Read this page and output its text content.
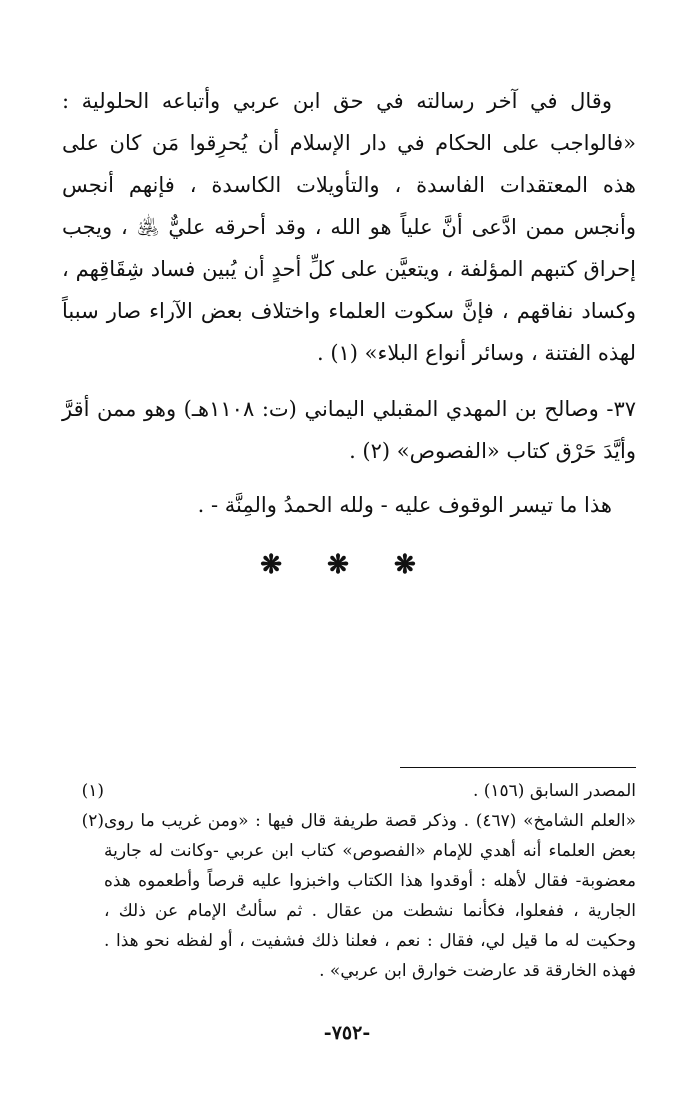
وقال في آخر رسالته في حق ابن عربي وأتباعه الحلولية : «فالواجب على الحكام في دار الإسلام أن يُحرِقوا مَن كان على هذه المعتقدات الفاسدة ، والتأويلات الكاسدة ، فإنهم أنجس وأنجس ممن ادَّعى أنَّ علياً هو الله ، وقد أحرقه عليٌّ ﵁ ، ويجب إحراق كتبهم المؤلفة ، ويتعيَّن على كلِّ أحدٍ أن يُبين فساد شِقَاقِهم ، وكساد نفاقهم ، فإنَّ سكوت العلماء واختلاف بعض الآراء صار سبباً لهذه الفتنة ، وسائر أنواع البلاء» (١) .

٣٧- وصالح بن المهدي المقبلي اليماني (ت: ١١٠٨هـ) وهو ممن أقرَّ وأيَّدَ حَرْق كتاب «الفصوص» (٢) .

هذا ما تيسر الوقوف عليه - ولله الحمدُ والمِنَّة - .

❋ ❋ ❋
(١)	المصدر السابق (١٥٦) .
(٢) «العلم الشامخ» (٤٦٧) . وذكر قصة طريفة قال فيها : «ومن غريب ما روى بعض العلماء أنه أهدي للإمام «الفصوص» كتاب ابن عربي -وكانت له جارية معضوبة- فقال لأهله : أوقدوا هذا الكتاب واخبزوا عليه قرصاً وأطعموه هذه الجارية ، ففعلوا، فكأنما نشطت من عقال . ثم سألتُ الإمام عن ذلك ، وحكيت له ما قيل لي، فقال : نعم ، فعلنا ذلك فشفيت ، أو لفظه نحو هذا . فهذه الخارقة قد عارضت خوارق ابن عربي» .
-٧٥٢-
